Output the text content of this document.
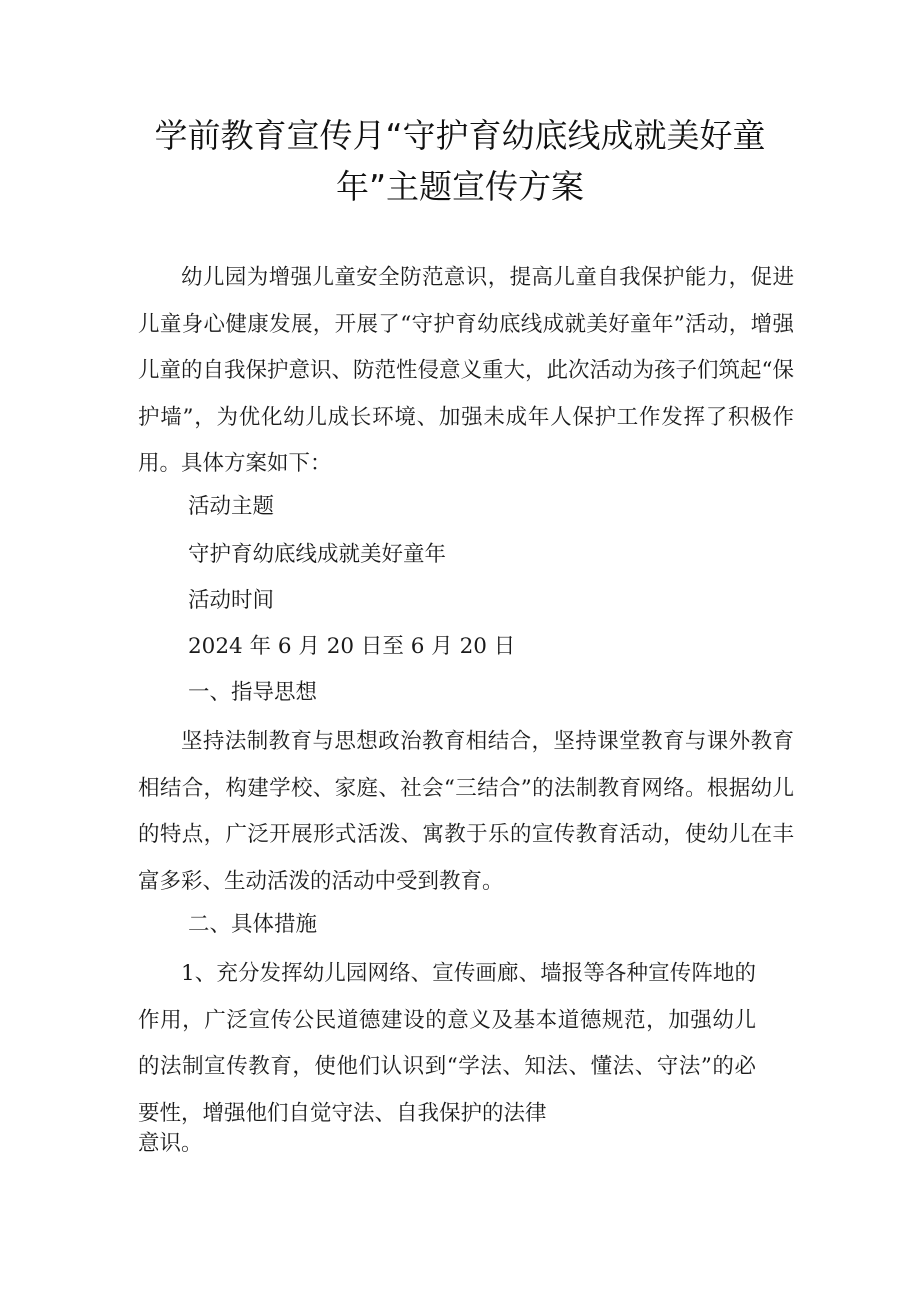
学前教育宣传月“守护育幼底线成就美好童
年”主题宣传方案

幼儿园为增强儿童安全防范意识，提高儿童自我保护能力，促进儿童身心健康发展，开展了“守护育幼底线成就美好童年”活动，增强儿童的自我保护意识、防范性侵意义重大，此次活动为孩子们筑起“保护墙”，为优化幼儿成长环境、加强未成年人保护工作发挥了积极作用。具体方案如下：

活动主题

守护育幼底线成就美好童年

活动时间

2024 年 6 月 20 日至 6 月 20 日

一、指导思想

坚持法制教育与思想政治教育相结合，坚持课堂教育与课外教育相结合，构建学校、家庭、社会“三结合”的法制教育网络。根据幼儿的特点，广泛开展形式活泼、寓教于乐的宣传教育活动，使幼儿在丰富多彩、生动活泼的活动中受到教育。

二、具体措施

1、充分发挥幼儿园网络、宣传画廊、墙报等各种宣传阵地的作用，广泛宣传公民道德建设的意义及基本道德规范，加强幼儿的法制宣传教育，使他们认识到“学法、知法、懂法、守法”的必要性，增强他们自觉守法、自我保护的法律

意识。
